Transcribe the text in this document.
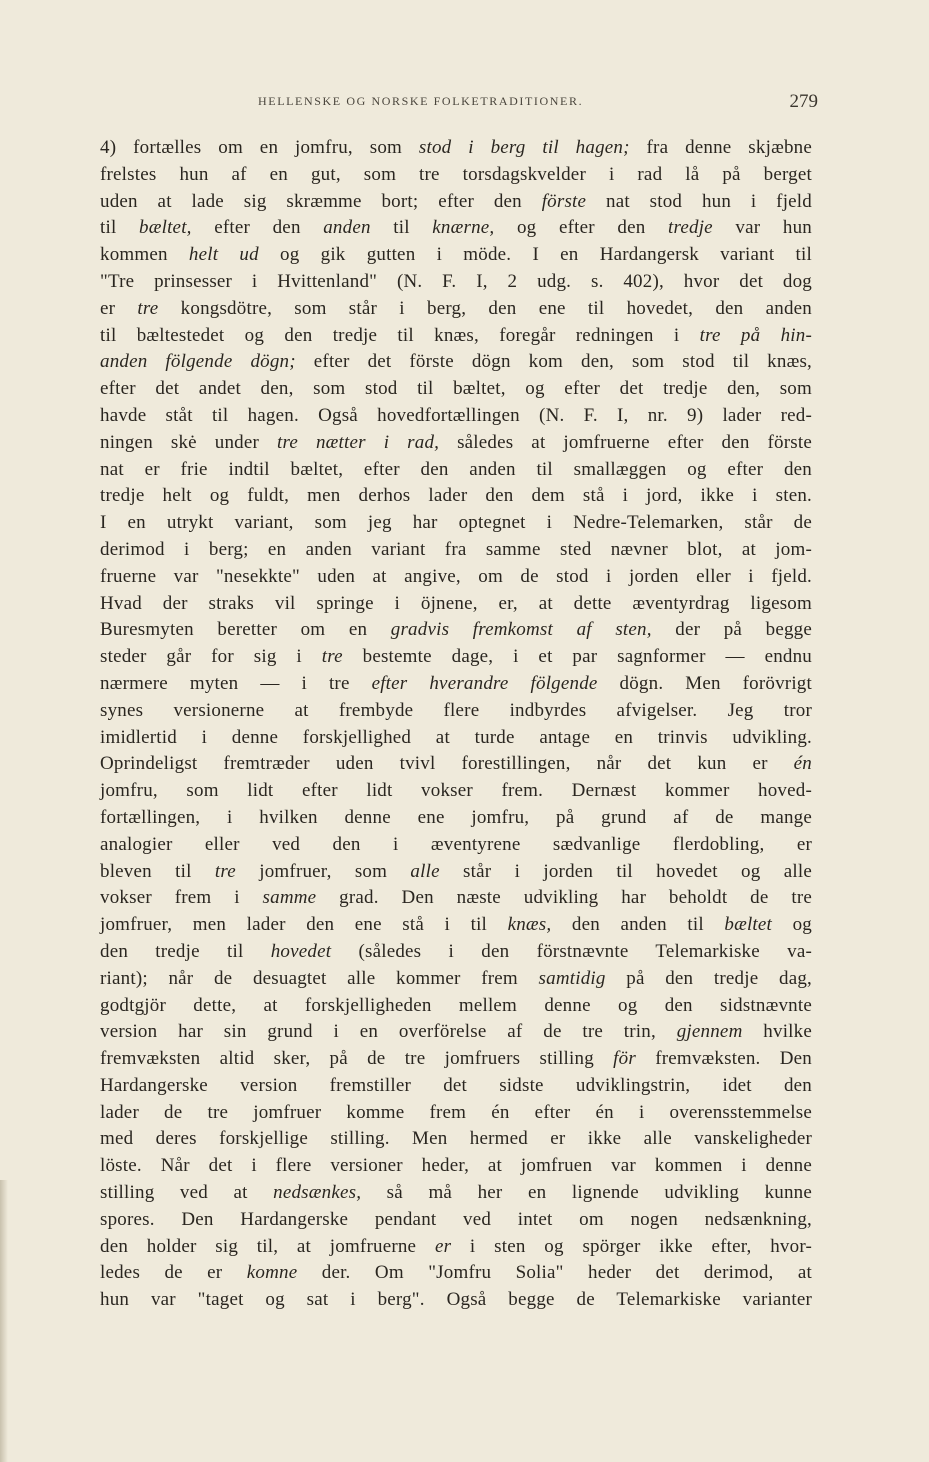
HELLENSKE OG NORSKE FOLKETRADITIONER.	279
4) fortælles om en jomfru, som stod i berg til hagen; fra denne skjæbne
frelstes hun af en gut, som tre torsdagskvelder i rad lå på berget
uden at lade sig skræmme bort; efter den förste nat stod hun i fjeld
til bæltet, efter den anden til knærne, og efter den tredje var hun
kommen helt ud og gik gutten i möde. I en Hardangersk variant til
"Tre prinsesser i Hvittenland" (N. F. I, 2 udg. s. 402), hvor det dog
er tre kongsdötre, som står i berg, den ene til hovedet, den anden
til bæltestedet og den tredje til knæs, foregår redningen i tre på hin-
anden fölgende dögn; efter det förste dögn kom den, som stod til knæs,
efter det andet den, som stod til bæltet, og efter det tredje den, som
havde ståt til hagen. Også hovedfortællingen (N. F. I, nr. 9) lader red-
ningen skė under tre nætter i rad, således at jomfruerne efter den förste
nat er frie indtil bæltet, efter den anden til smallæggen og efter den
tredje helt og fuldt, men derhos lader den dem stå i jord, ikke i sten.
I en utrykt variant, som jeg har optegnet i Nedre-Telemarken, står de
derimod i berg; en anden variant fra samme sted nævner blot, at jom-
fruerne var "nesekkte" uden at angive, om de stod i jorden eller i fjeld.
Hvad der straks vil springe i öjnene, er, at dette æventyrdrag ligesom
Buresmyten beretter om en gradvis fremkomst af sten, der på begge
steder går for sig i tre bestemte dage, i et par sagnformer — endnu
nærmere myten — i tre efter hverandre fölgende dögn. Men forövrigt
synes versionerne at frembyde flere indbyrdes afvigelser. Jeg tror
imidlertid i denne forskjellighed at turde antage en trinvis udvikling.
Oprindeligst fremtræder uden tvivl forestillingen, når det kun er én
jomfru, som lidt efter lidt vokser frem. Dernæst kommer hoved-
fortællingen, i hvilken denne ene jomfru, på grund af de mange
analogier eller ved den i æventyrene sædvanlige flerdobling, er
bleven til tre jomfruer, som alle står i jorden til hovedet og alle
vokser frem i samme grad. Den næste udvikling har beholdt de tre
jomfruer, men lader den ene stå i til knæs, den anden til bæltet og
den tredje til hovedet (således i den förstnævnte Telemarkiske va-
riant); når de desuagtet alle kommer frem samtidig på den tredje dag,
godtgjör dette, at forskjelligheden mellem denne og den sidstnævnte
version har sin grund i en overförelse af de tre trin, gjennem hvilke
fremvæksten altid sker, på de tre jomfruers stilling för fremvæksten. Den
Hardangerske version fremstiller det sidste udviklingstrin, idet den
lader de tre jomfruer komme frem én efter én i overensstemmelse
med deres forskjellige stilling. Men hermed er ikke alle vanskeligheder
löste. Når det i flere versioner heder, at jomfruen var kommen i denne
stilling ved at nedsænkes, så må her en lignende udvikling kunne
spores. Den Hardangerske pendant ved intet om nogen nedsænkning,
den holder sig til, at jomfruerne er i sten og spörger ikke efter, hvor-
ledes de er komne der. Om "Jomfru Solia" heder det derimod, at
hun var "taget og sat i berg". Også begge de Telemarkiske varianter
